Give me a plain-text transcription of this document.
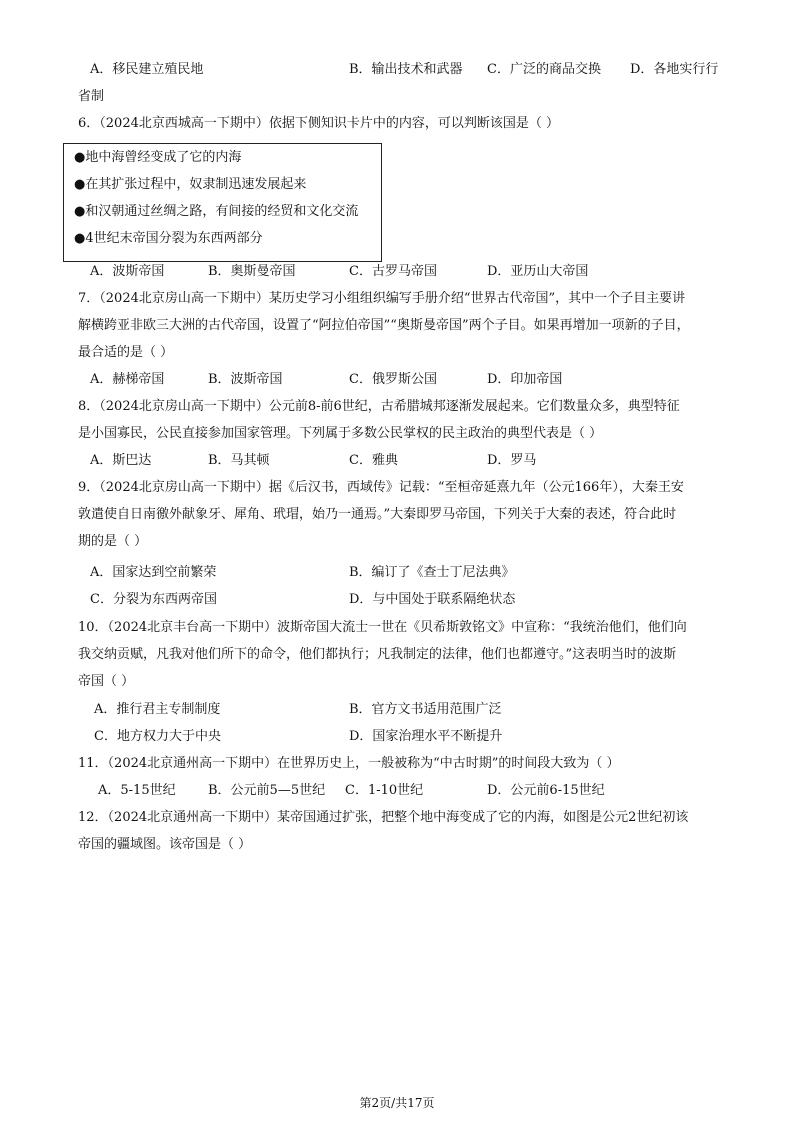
A．移民建立殖民地	B．输出技术和武器 C．广泛的商品交换 D．各地实行行
省制
6．（2024北京西城高一下期中）依据下侧知识卡片中的内容，可以判断该国是（ ）
●地中海曾经变成了它的内海
●在其扩张过程中，奴隶制迅速发展起来
●和汉朝通过丝绸之路，有间接的经贸和文化交流
●4世纪末帝国分裂为东西两部分
A．波斯帝国	B．奥斯曼帝国	C．古罗马帝国	D．亚历山大帝国
7．（2024北京房山高一下期中）某历史学习小组组织编写手册介绍“世界古代帝国”，其中一个子目主要讲
解横跨亚非欧三大洲的古代帝国，设置了“阿拉伯帝国”“奥斯曼帝国”两个子目。如果再增加一项新的子目，
最合适的是（ ）
A．赫梯帝国	B．波斯帝国	C．俄罗斯公国	D．印加帝国
8．（2024北京房山高一下期中）公元前8-前6世纪，古希腊城邦逐渐发展起来。它们数量众多，典型特征
是小国寡民，公民直接参加国家管理。下列属于多数公民掌权的民主政治的典型代表是（ ）
A．斯巴达	B．马其顿	C．雅典	D．罗马
9．（2024北京房山高一下期中）据《后汉书，西域传》记载：“至桓帝延熹九年（公元166年），大秦王安
敦遣使自日南徼外献象牙、犀角、玳瑁，始乃一通焉。”大秦即罗马帝国，下列关于大秦的表述，符合此时
期的是（ ）
A．国家达到空前繁荣	B．编订了《查士丁尼法典》
C．分裂为东西两帝国	D．与中国处于联系隔绝状态
10．（2024北京丰台高一下期中）波斯帝国大流士一世在《贝希斯敦铭文》中宣称：“我统治他们，他们向
我交纳贡赋，凡我对他们所下的命令，他们都执行；凡我制定的法律，他们也都遵守。”这表明当时的波斯
帝国（ ）
A．推行君主专制制度	B．官方文书适用范围广泛
C．地方权力大于中央	D．国家治理水平不断提升
11．（2024北京通州高一下期中）在世界历史上，一般被称为“中古时期”的时间段大致为（ ）
A．5-15世纪 B．公元前5—5世纪 C．1-10世纪	D．公元前6-15世纪
12．（2024北京通州高一下期中）某帝国通过扩张，把整个地中海变成了它的内海，如图是公元2世纪初该
帝国的疆域图。该帝国是（ ）
第2页/共17页
